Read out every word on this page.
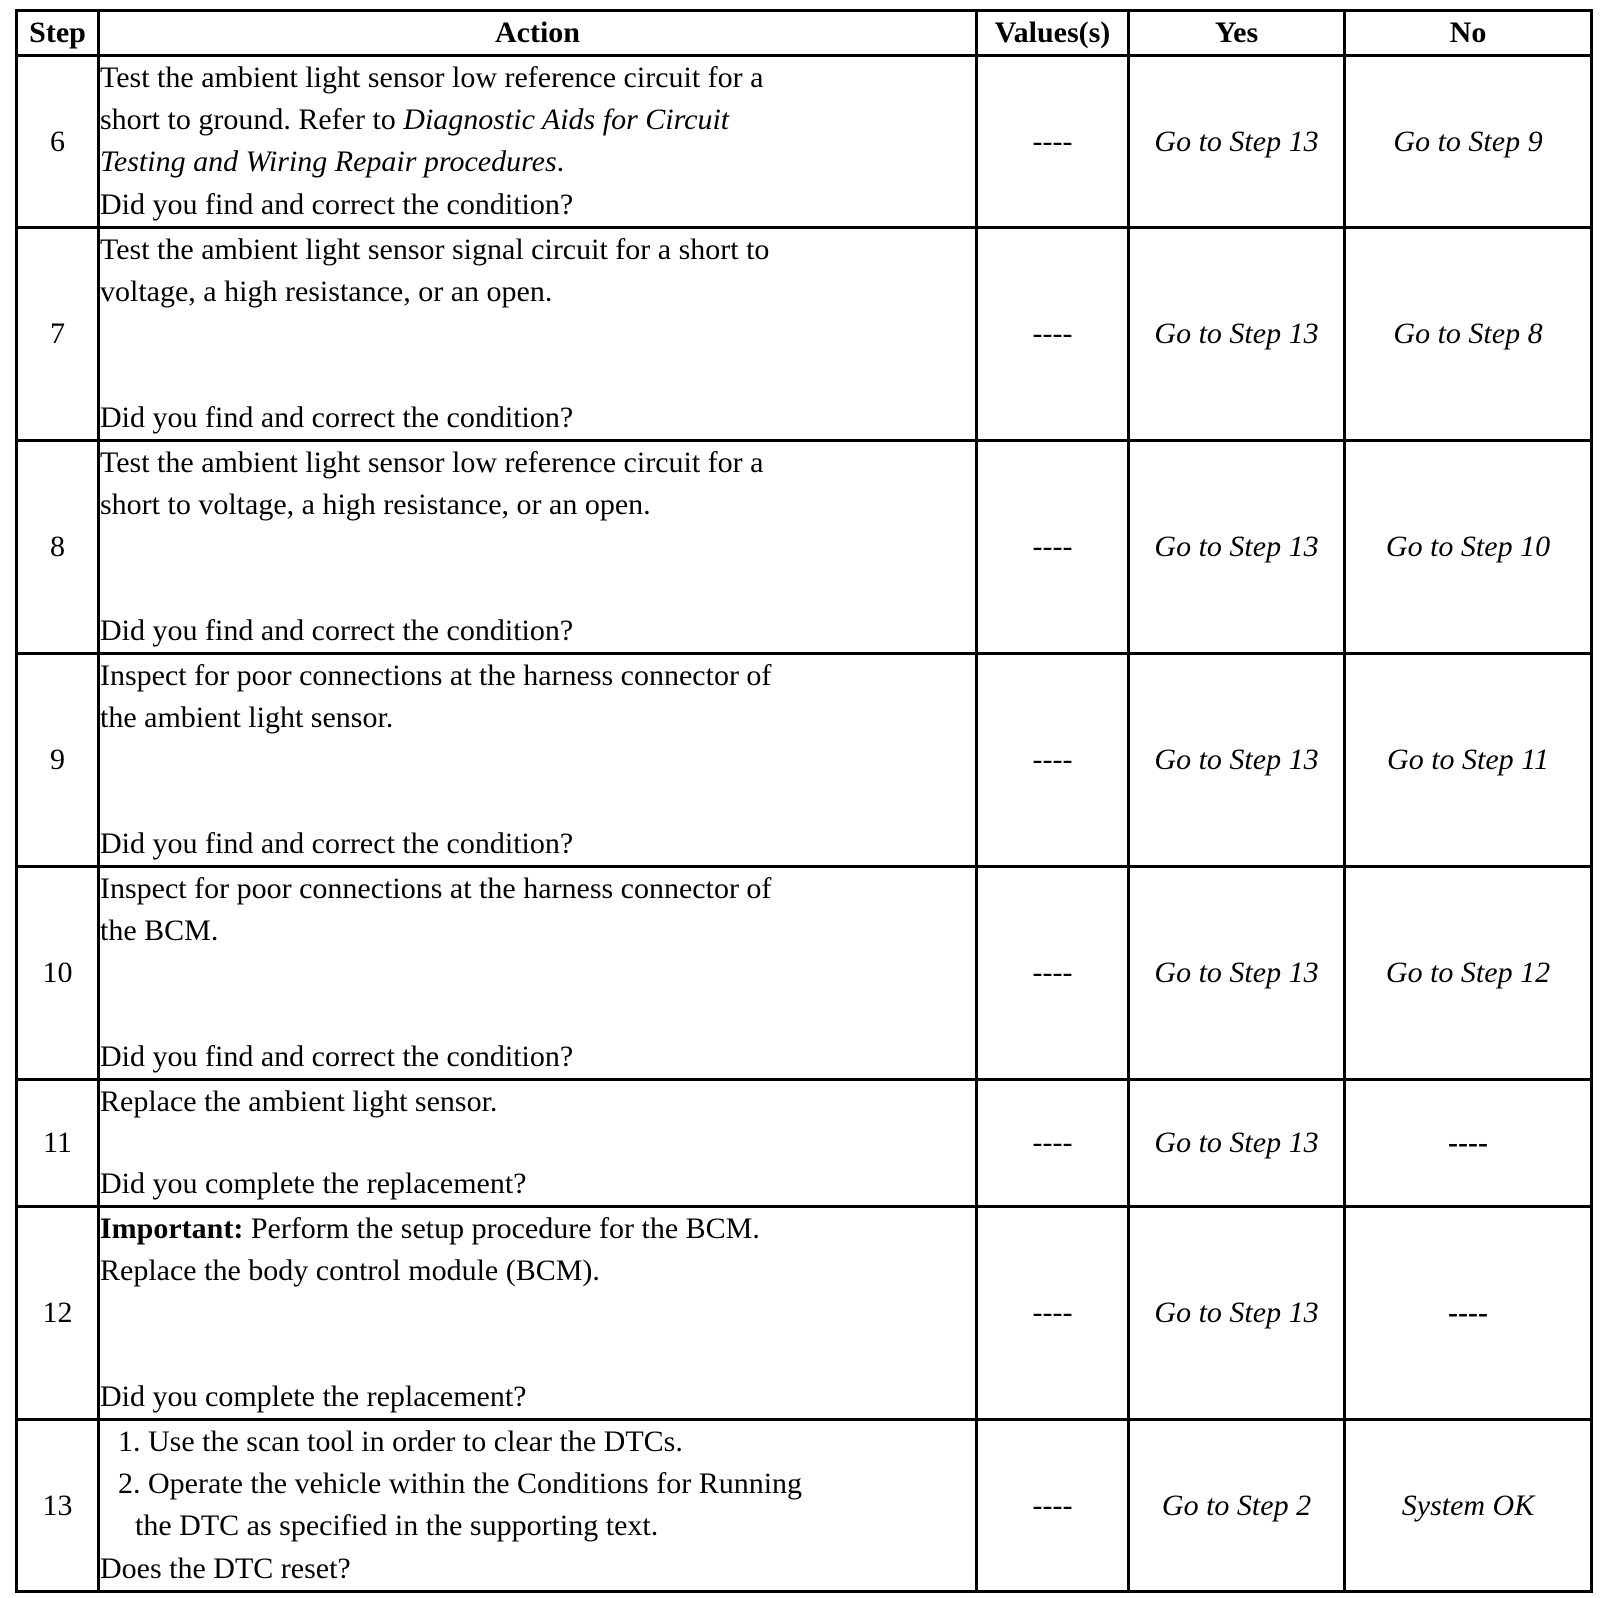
Step	Action	Values(s)	Yes	No
6	Test the ambient light sensor low reference circuit for a
short to ground. Refer to Diagnostic Aids for Circuit
Testing and Wiring Repair procedures.
Did you find and correct the condition?	----	Go to Step 13	Go to Step 9
7	Test the ambient light sensor signal circuit for a short to
voltage, a high resistance, or an open.
Did you find and correct the condition?	----	Go to Step 13	Go to Step 8
8	Test the ambient light sensor low reference circuit for a
short to voltage, a high resistance, or an open.
Did you find and correct the condition?	----	Go to Step 13	Go to Step 10
9	Inspect for poor connections at the harness connector of
the ambient light sensor.
Did you find and correct the condition?	----	Go to Step 13	Go to Step 11
10	Inspect for poor connections at the harness connector of
the BCM.
Did you find and correct the condition?	----	Go to Step 13	Go to Step 12
11	Replace the ambient light sensor.
Did you complete the replacement?	----	Go to Step 13	----
12	Important: Perform the setup procedure for the BCM.
Replace the body control module (BCM).
Did you complete the replacement?	----	Go to Step 13	----
13	1. Use the scan tool in order to clear the DTCs.
2. Operate the vehicle within the Conditions for Running
the DTC as specified in the supporting text.
Does the DTC reset?	----	Go to Step 2	System OK
